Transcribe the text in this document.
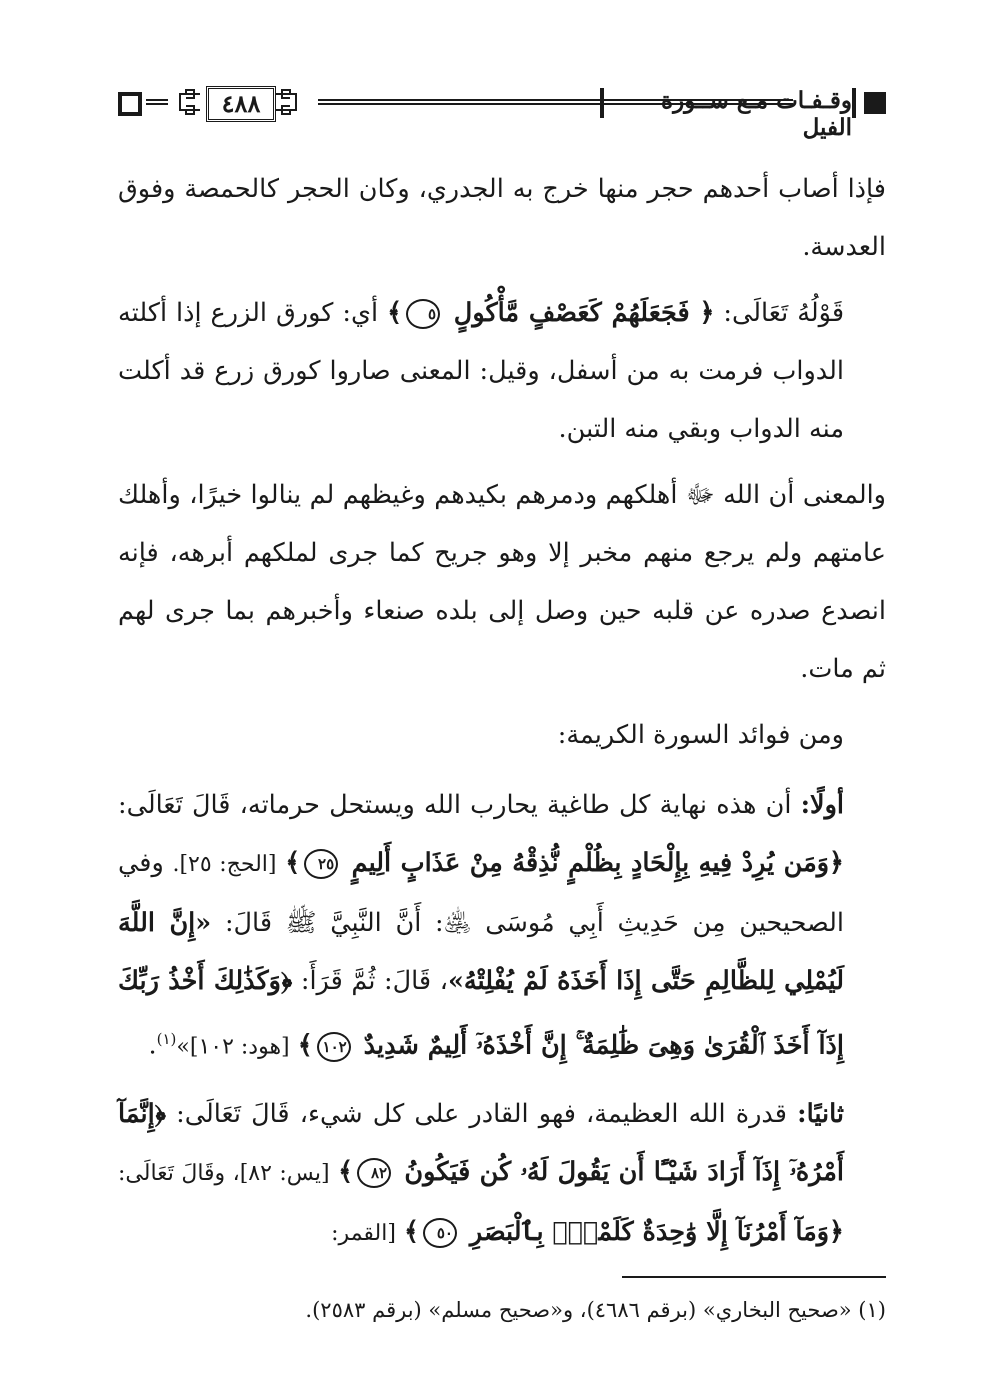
٤٨٨	وقـفـات مـع ســورة الفيل

فإذا أصاب أحدهم حجر منها خرج به الجدري، وكان الحجر كالحمصة وفوق العدسة.

قَوْلُهُ تَعَالَى: ﴿ فَجَعَلَهُمْ كَعَصْفٍ مَّأْكُولٍ ٥﴾ أي: كورق الزرع إذا أكلته الدواب فرمت به من أسفل، وقيل: المعنى صاروا كورق زرع قد أكلت منه الدواب وبقي منه التبن.

والمعنى أن الله ﷻ أهلكهم ودمرهم بكيدهم وغيظهم لم ينالوا خيرًا، وأهلك عامتهم ولم يرجع منهم مخبر إلا وهو جريح كما جرى لملكهم أبرهه، فإنه انصدع صدره عن قلبه حين وصل إلى بلده صنعاء وأخبرهم بما جرى لهم ثم مات.

ومن فوائد السورة الكريمة:

أولًا: أن هذه نهاية كل طاغية يحارب الله ويستحل حرماته، قَالَ تَعَالَى: ﴿وَمَن يُرِدْ فِيهِ بِإِلْحَادٍ بِظُلْمٍ نُّذِقْهُ مِنْ عَذَابٍ أَلِيمٍ ٢٥﴾ [الحج: ٢٥]. وفي الصحيحين مِن حَدِيثِ أَبِي مُوسَى ﵁: أَنَّ النَّبِيَّ ﷺ قَالَ: «إِنَّ اللَّهَ لَيُمْلِي لِلظَّالِمِ حَتَّى إِذَا أَخَذَهُ لَمْ يُفْلِتْهُ»، قَالَ: ثُمَّ قَرَأَ: ﴿وَكَذَٰلِكَ أَخْذُ رَبِّكَ إِذَآ أَخَذَ ٱلْقُرَىٰ وَهِىَ ظَٰلِمَةٌ ۚ إِنَّ أَخْذَهُۥٓ أَلِيمٌ شَدِيدٌ ١٠٢﴾ [هود: ١٠٢]»$^{(١)}$.

ثانيًا: قدرة الله العظيمة، فهو القادر على كل شيء، قَالَ تَعَالَى: ﴿إِنَّمَآ أَمْرُهُۥٓ إِذَآ أَرَادَ شَيْـًٔا أَن يَقُولَ لَهُۥ كُن فَيَكُونُ ٨٢﴾ [يس: ٨٢]، وقَالَ تَعَالَى: ﴿وَمَآ أَمْرُنَآ إِلَّا وَٰحِدَةٌ كَلَمْحٍۭ بِٱلْبَصَرِ ٥٠﴾ [القمر:

(١) «صحيح البخاري» (برقم ٤٦٨٦)، و«صحيح مسلم» (برقم ٢٥٨٣).
